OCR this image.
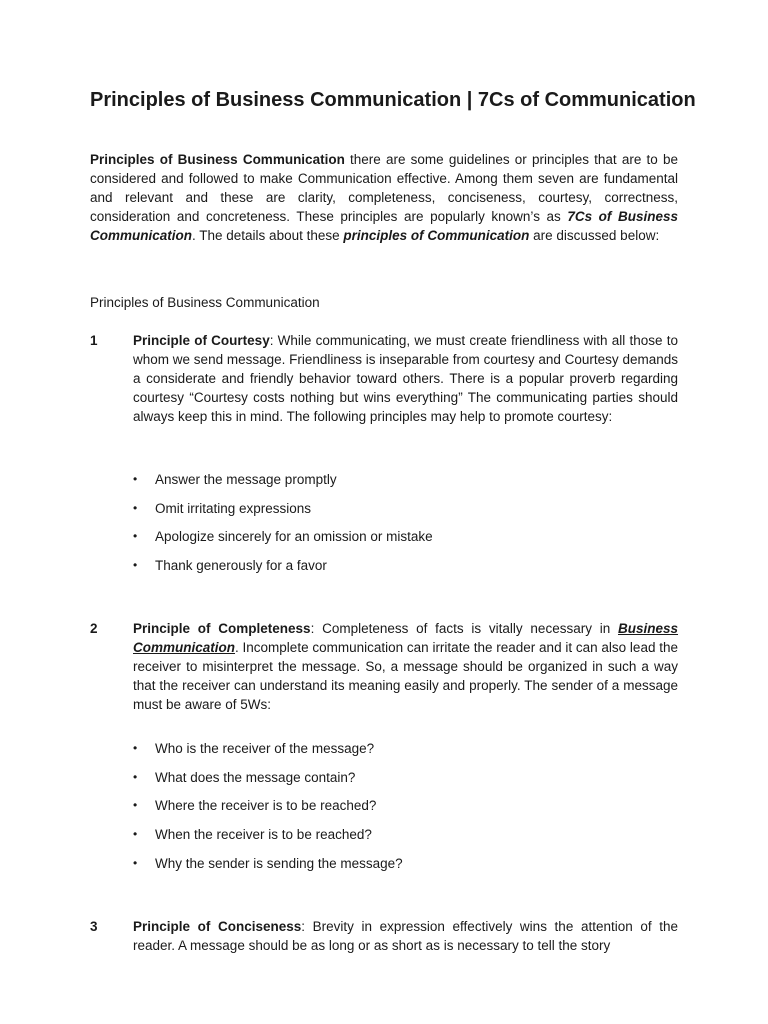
Principles of Business Communication | 7Cs of Communication

Principles of Business Communication there are some guidelines or principles that are to be considered and followed to make Communication effective. Among them seven are fundamental and relevant and these are clarity, completeness, conciseness, courtesy, correctness, consideration and concreteness. These principles are popularly known’s as 7Cs of Business Communication. The details about these principles of Communication are discussed below:

Principles of Business Communication

1	Principle of Courtesy: While communicating, we must create friendliness with all those to whom we send message. Friendliness is inseparable from courtesy and Courtesy demands a considerate and friendly behavior toward others. There is a popular proverb regarding courtesy “Courtesy costs nothing but wins everything” The communicating parties should always keep this in mind. The following principles may help to promote courtesy:

• Answer the message promptly
• Omit irritating expressions
• Apologize sincerely for an omission or mistake
• Thank generously for a favor
2	Principle of Completeness: Completeness of facts is vitally necessary in Business Communication. Incomplete communication can irritate the reader and it can also lead the receiver to misinterpret the message. So, a message should be organized in such a way that the receiver can understand its meaning easily and properly. The sender of a message must be aware of 5Ws:

• Who is the receiver of the message?
• What does the message contain?
• Where the receiver is to be reached?
• When the receiver is to be reached?
• Why the sender is sending the message?
3	Principle of Conciseness: Brevity in expression effectively wins the attention of the reader. A message should be as long or as short as is necessary to tell the story
